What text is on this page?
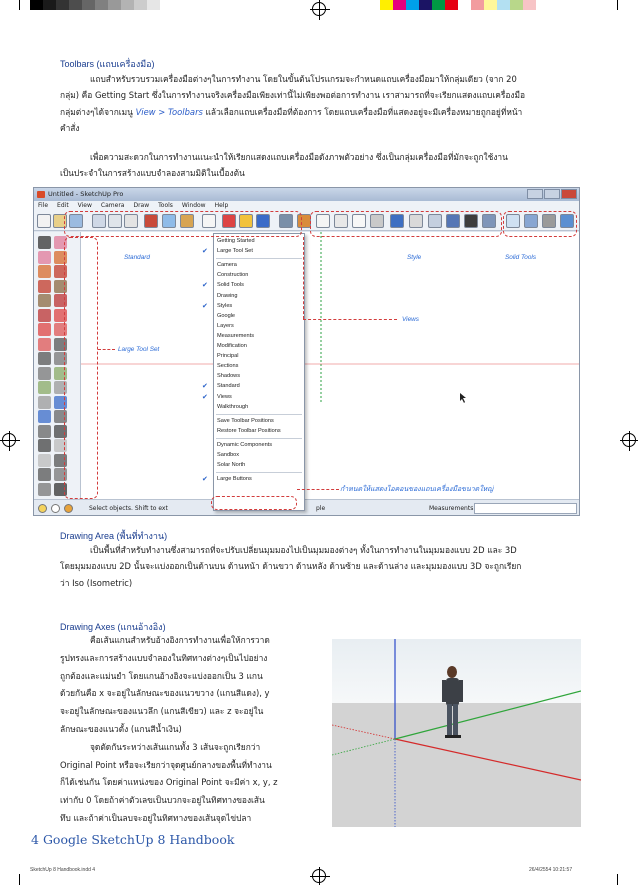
Toolbars (แถบเครื่องมือ)
แถบสำหรับรวบรวมเครื่องมือต่างๆในการทำงาน โดยในขั้นต้นโปรแกรมจะกำหนดแถบเครื่องมือมาให้กลุ่มเดียว (จาก 20
กลุ่ม) คือ Getting Start ซึ่งในการทำงานจริงเครื่องมือเพียงเท่านี้ไม่เพียงพอต่อการทำงาน เราสามารถที่จะเรียกแสดงแถบเครื่องมือ
กลุ่มต่างๆได้จากเมนู View > Toolbars แล้วเลือกแถบเครื่องมือที่ต้องการ โดยแถบเครื่องมือที่แสดงอยู่จะมีเครื่องหมายถูกอยู่ที่หน้า
คำสั่ง
เพื่อความสะดวกในการทำงานแนะนำให้เรียกแสดงแถบเครื่องมือดังภาพตัวอย่าง ซึ่งเป็นกลุ่มเครื่องมือที่มักจะถูกใช้งาน
เป็นประจำในการสร้างแบบจำลองสามมิติในเบื้องต้น
Untitled - SketchUp Pro
File Edit View Camera Draw Tools Window Help
Select objects. Shift to ext	ple	Measurements
Getting Started
Large Tool Set
✔
Camera
Construction
Solid Tools
✔
Drawing
Styles
✔
Google
Layers
Measurements
Modification
Principal
Sections
Shadows
Standard
✔
Views
✔
Walkthrough
Save Toolbar Positions
Restore Toolbar Positions
Dynamic Components
Sandbox
Solar North
Large Buttons
✔
Standard	Style	Solid Tools
Views
Large Tool Set
กำหนดให้แสดงไอคอนของแถบเครื่องมือขนาดใหญ่
Drawing Area (พื้นที่ทำงาน)
เป็นพื้นที่สำหรับทำงานซึ่งสามารถที่จะปรับเปลี่ยนมุมมองไปเป็นมุมมองต่างๆ ทั้งในการทำงานในมุมมองแบบ 2D และ 3D
โดยมุมมองแบบ 2D นั้นจะแบ่งออกเป็นด้านบน ด้านหน้า ด้านขวา ด้านหลัง ด้านซ้าย และด้านล่าง และมุมมองแบบ 3D จะถูกเรียก
ว่า Iso (Isometric)
Drawing Axes (แกนอ้างอิง)
คือเส้นแกนสำหรับอ้างอิงการทำงานเพื่อให้การวาด
รูปทรงและการสร้างแบบจำลองในทิศทางต่างๆเป็นไปอย่าง
ถูกต้องและแม่นยำ โดยแกนอ้างอิงจะแบ่งออกเป็น 3 แกน
ด้วยกันคือ x จะอยู่ในลักษณะของแนวขวาง (แกนสีแดง), y
จะอยู่ในลักษณะของแนวลึก (แกนสีเขียว) และ z จะอยู่ใน
ลักษณะของแนวตั้ง (แกนสีน้ำเงิน)
จุดตัดกันระหว่างเส้นแกนทั้ง 3 เส้นจะถูกเรียกว่า
Original Point หรือจะเรียกว่าจุดศูนย์กลางของพื้นที่ทำงาน
ก็ได้เช่นกัน โดยค่าแหน่งของ Original Point จะมีค่า x, y, z
เท่ากับ 0 โดยถ้าค่าตัวเลขเป็นบวกจะอยู่ในทิศทางของเส้น
ทึบ และถ้าค่าเป็นลบจะอยู่ในทิศทางของเส้นจุดไข่ปลา
4 Google SketchUp 8 Handbook
SketchUp 8 Handbook.indd 4	26/4/2554 10:21:57
